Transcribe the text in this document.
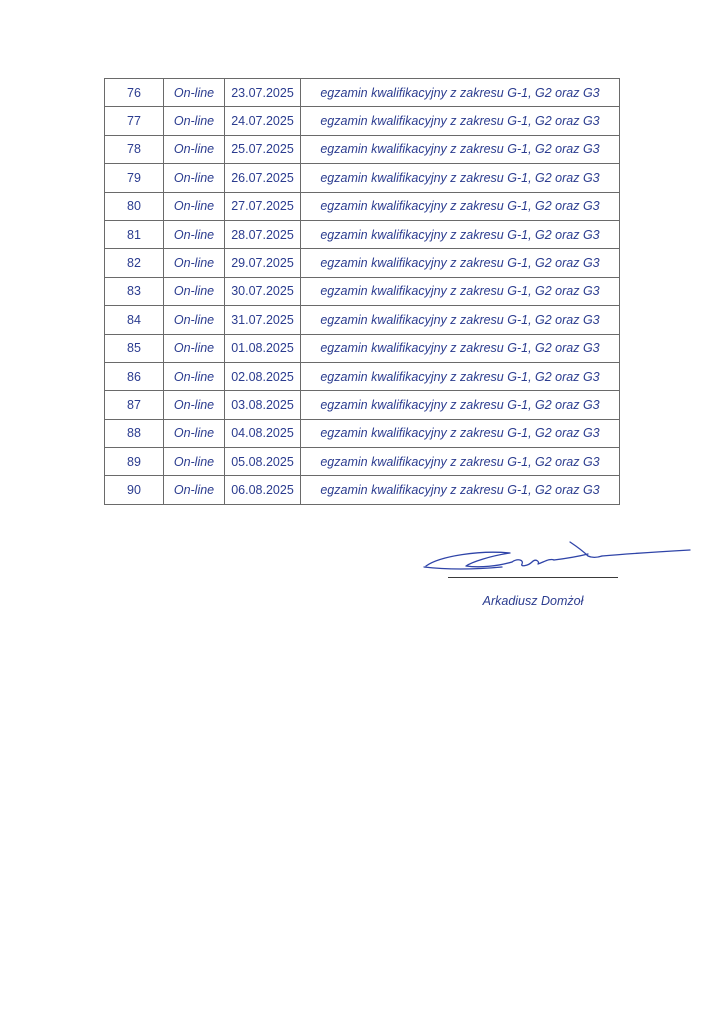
76	On-line	23.07.2025	egzamin kwalifikacyjny z zakresu G-1, G2 oraz G3
77	On-line	24.07.2025	egzamin kwalifikacyjny z zakresu G-1, G2 oraz G3
78	On-line	25.07.2025	egzamin kwalifikacyjny z zakresu G-1, G2 oraz G3
79	On-line	26.07.2025	egzamin kwalifikacyjny z zakresu G-1, G2 oraz G3
80	On-line	27.07.2025	egzamin kwalifikacyjny z zakresu G-1, G2 oraz G3
81	On-line	28.07.2025	egzamin kwalifikacyjny z zakresu G-1, G2 oraz G3
82	On-line	29.07.2025	egzamin kwalifikacyjny z zakresu G-1, G2 oraz G3
83	On-line	30.07.2025	egzamin kwalifikacyjny z zakresu G-1, G2 oraz G3
84	On-line	31.07.2025	egzamin kwalifikacyjny z zakresu G-1, G2 oraz G3
85	On-line	01.08.2025	egzamin kwalifikacyjny z zakresu G-1, G2 oraz G3
86	On-line	02.08.2025	egzamin kwalifikacyjny z zakresu G-1, G2 oraz G3
87	On-line	03.08.2025	egzamin kwalifikacyjny z zakresu G-1, G2 oraz G3
88	On-line	04.08.2025	egzamin kwalifikacyjny z zakresu G-1, G2 oraz G3
89	On-line	05.08.2025	egzamin kwalifikacyjny z zakresu G-1, G2 oraz G3
90	On-line	06.08.2025	egzamin kwalifikacyjny z zakresu G-1, G2 oraz G3
Arkadiusz Domżoł
